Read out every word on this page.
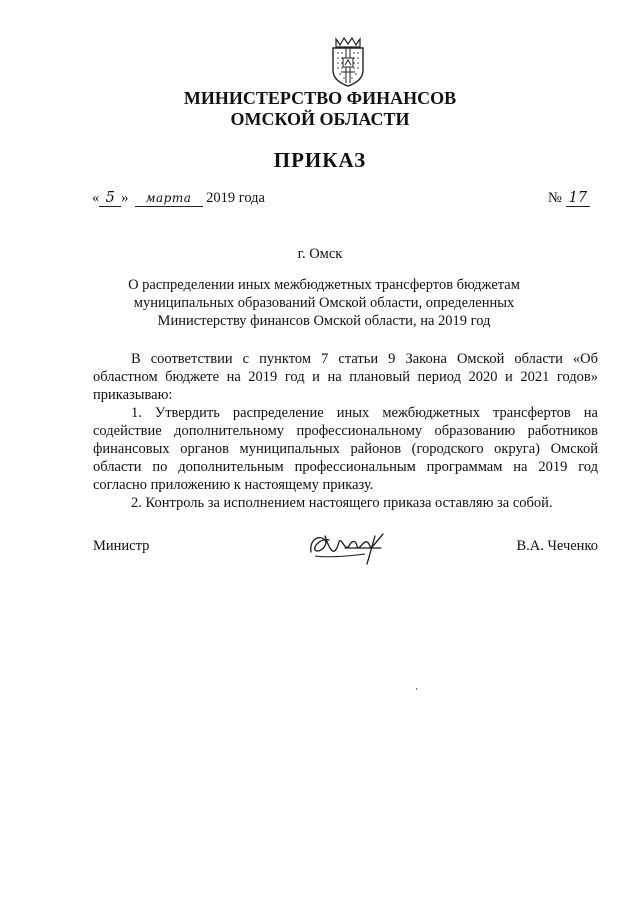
МИНИСТЕРСТВО ФИНАНСОВ
ОМСКОЙ ОБЛАСТИ
ПРИКАЗ
« 5 » марта 2019 года	№ 17
г. Омск
О распределении иных межбюджетных трансфертов бюджетам муниципальных образований Омской области, определенных Министерству финансов Омской области, на 2019 год

В соответствии с пунктом 7 статьи 9 Закона Омской области «Об областном бюджете на 2019 год и на плановый период 2020 и 2021 годов» приказываю:

1. Утвердить распределение иных межбюджетных трансфертов на содействие дополнительному профессиональному образованию работников финансовых органов муниципальных районов (городского округа) Омской области по дополнительным профессиональным программам на 2019 год согласно приложению к настоящему приказу.

2. Контроль за исполнением настоящего приказа оставляю за собой.

Министр	В.А. Чеченко
